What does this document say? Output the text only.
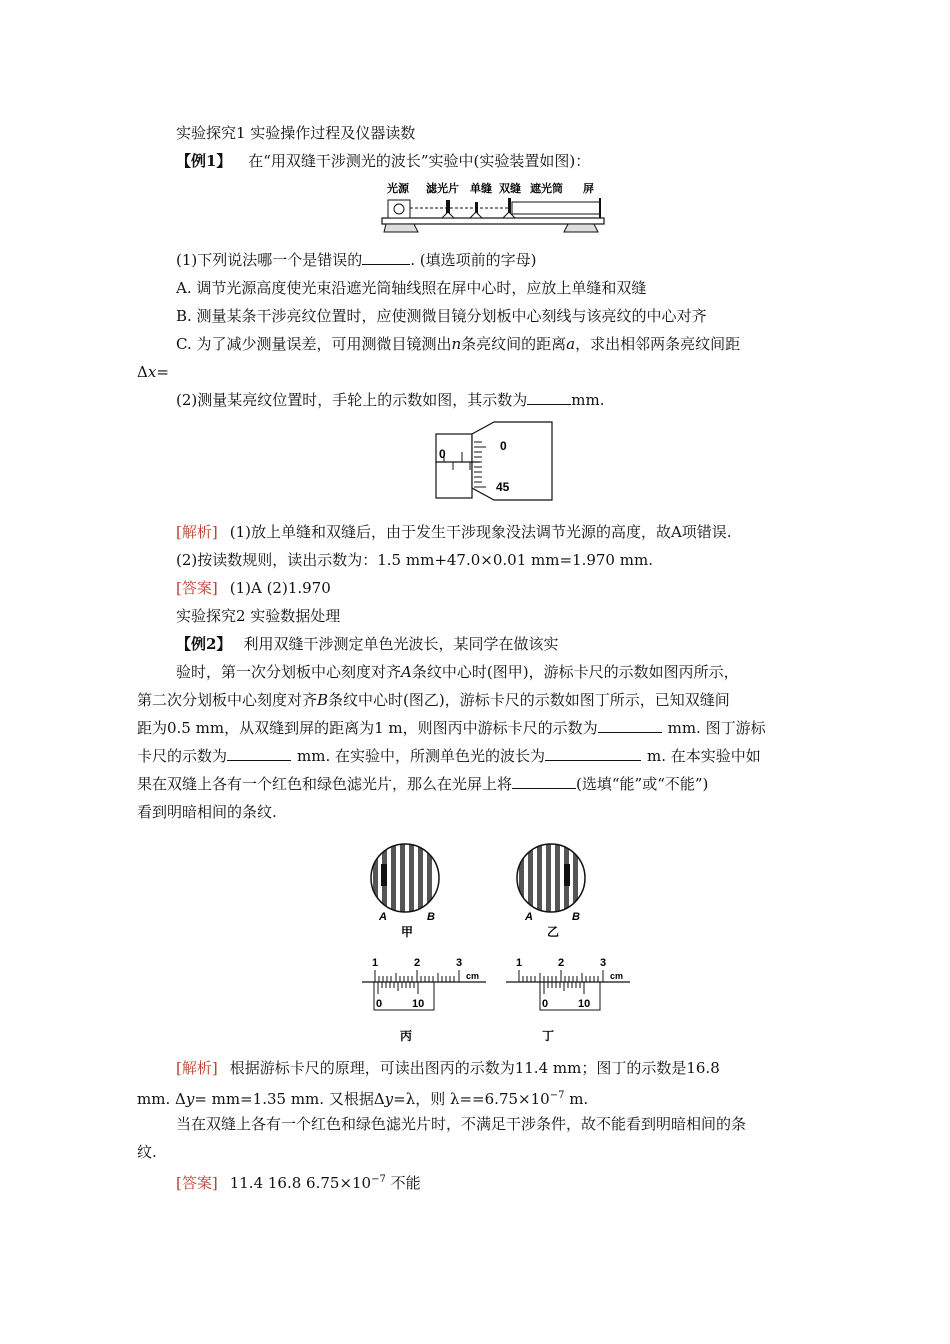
实验探究1 实验操作过程及仪器读数
【例1】 在“用双缝干涉测光的波长”实验中(实验装置如图)：
光源 滤光片 单缝 双缝 遮光筒 屏
(1)下列说法哪一个是错误的	. (填选项前的字母)
A. 调节光源高度使光束沿遮光筒轴线照在屏中心时，应放上单缝和双缝
B. 测量某条干涉亮纹位置时，应使测微目镜分划板中心刻线与该亮纹的中心对齐
C. 为了减少测量误差，可用测微目镜测出n条亮纹间的距离a，求出相邻两条亮纹间距
Δx=
(2)测量某亮纹位置时，手轮上的示数如图，其示数为	mm.
0
0
45
[解析] (1)放上单缝和双缝后，由于发生干涉现象没法调节光源的高度，故A项错误.
(2)按读数规则，读出示数为：1.5 mm+47.0×0.01 mm=1.970 mm.
[答案] (1)A (2)1.970
实验探究2 实验数据处理
【例2】 利用双缝干涉测定单色光波长，某同学在做该实
验时，第一次分划板中心刻度对齐A条纹中心时(图甲)，游标卡尺的示数如图丙所示，
第二次分划板中心刻度对齐B条纹中心时(图乙)，游标卡尺的示数如图丁所示，已知双缝间
距为0.5 mm，从双缝到屏的距离为1 m，则图丙中游标卡尺的示数为	mm. 图丁游标
卡尺的示数为	mm. 在实验中，所测单色光的波长为	m. 在本实验中如
果在双缝上各有一个红色和绿色滤光片，那么在光屏上将	(选填“能”或“不能”)
看到明暗相间的条纹.
A	B	A	B
甲	乙
1	2	3
cm
0	10
丙
1	2	3
cm
0	10
丁
[解析] 根据游标卡尺的原理，可读出图丙的示数为11.4 mm；图丁的示数是16.8
mm. Δy= mm=1.35 mm. 又根据Δy=λ，则 $\lambda==6.75\times 10^{-7}$ m.
当在双缝上各有一个红色和绿色滤光片时，不满足干涉条件，故不能看到明暗相间的条
纹.
[答案] 11.4 16.8 $6.75\times 10^{-7}$ 不能
